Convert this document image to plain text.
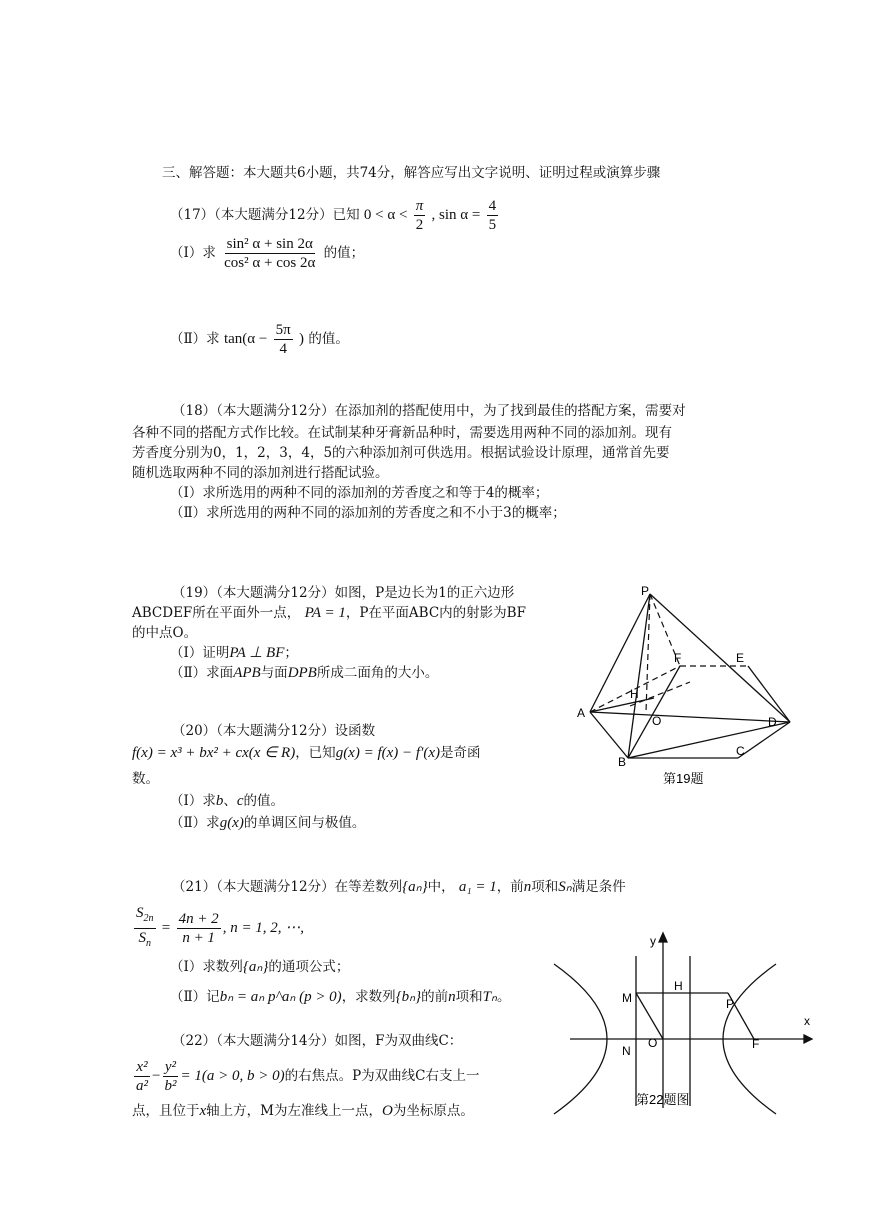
三、解答题：本大题共6小题，共74分，解答应写出文字说明、证明过程或演算步骤
（17）（本大题满分12分）已知 $0 < \alpha < \frac{\pi}{2}$ , $\sin \alpha = \frac{4}{5}$
（Ⅰ）求 $\frac{\text{sin² α + sin 2α}}{\text{cos² α + cos 2α}}$ 的值；
（Ⅱ）求 $\tan(\alpha - \frac{5\pi}{4}$ ) 的值。
（18）（本大题满分12分）在添加剂的搭配使用中，为了找到最佳的搭配方案，需要对
各种不同的搭配方式作比较。在试制某种牙膏新品种时，需要选用两种不同的添加剂。现有
芳香度分别为0，1，2，3，4，5的六种添加剂可供选用。根据试验设计原理，通常首先要
随机选取两种不同的添加剂进行搭配试验。
（Ⅰ）求所选用的两种不同的添加剂的芳香度之和等于4的概率；
（Ⅱ）求所选用的两种不同的添加剂的芳香度之和不小于3的概率；
（19）（本大题满分12分）如图，P是边长为1的正六边形
ABCDEF所在平面外一点， PA = 1，P在平面ABC内的射影为BF
的中点O。
（Ⅰ）证明PA ⊥ BF；
（Ⅱ）求面APB与面DPB所成二面角的大小。
P
F	E
H
A
O	D
B
C
第19题
（20）（本大题满分12分）设函数
f(x) = x³ + bx² + cx(x ∈ R)，已知g(x) = f(x) − f′(x)是奇函
数。
（Ⅰ）求b、c的值。
（Ⅱ）求g(x)的单调区间与极值。
（21）（本大题满分12分）在等差数列{aₙ}中， a₁ = 1，前n项和Sₙ满足条件
$\frac{S_{2n}}{S_n} = \frac{4n + 2}{n + 1}$ , n = 1, 2, ⋯,
（Ⅰ）求数列{aₙ}的通项公式；
（Ⅱ）记bₙ = aₙ p^aₙ (p > 0)，求数列{bₙ}的前n项和Tₙ。
（22）（本大题满分14分）如图，F为双曲线C：
$\frac{\text{x²}}{\text{a²}} - \frac{\text{y²}}{\text{b²}} = 1(a > 0$, b > 0)的右焦点。P为双曲线C右支上一
点，且位于x轴上方，M为左准线上一点，O为坐标原点。
y
x
H
M	P
N
O	F
第22题图
